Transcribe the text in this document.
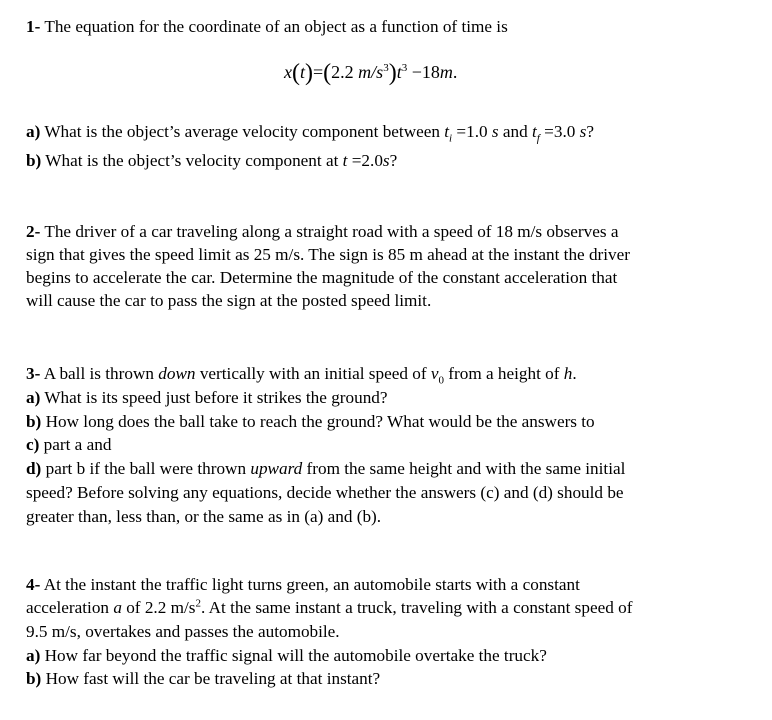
1- The equation for the coordinate of an object as a function of time is
x(t)=(2.2 $m/s^3)t^3 -18m$.
a) What is the object’s average velocity component between $t_i =1.0$ s and $t_f =3.0$ s?
b) What is the object’s velocity component at t =2.0s?
2- The driver of a car traveling along a straight road with a speed of 18 m/s observes a
sign that gives the speed limit as 25 m/s. The sign is 85 m ahead at the instant the driver
begins to accelerate the car. Determine the magnitude of the constant acceleration that
will cause the car to pass the sign at the posted speed limit.
3- A ball is thrown down vertically with an initial speed of $v_0$ from a height of h.
a) What is its speed just before it strikes the ground?
b) How long does the ball take to reach the ground? What would be the answers to
c) part a and
d) part b if the ball were thrown upward from the same height and with the same initial
speed? Before solving any equations, decide whether the answers (c) and (d) should be
greater than, less than, or the same as in (a) and (b).
4- At the instant the traffic light turns green, an automobile starts with a constant
acceleration a of 2.2 $m/s^2$. At the same instant a truck, traveling with a constant speed of
9.5 m/s, overtakes and passes the automobile.
a) How far beyond the traffic signal will the automobile overtake the truck?
b) How fast will the car be traveling at that instant?
